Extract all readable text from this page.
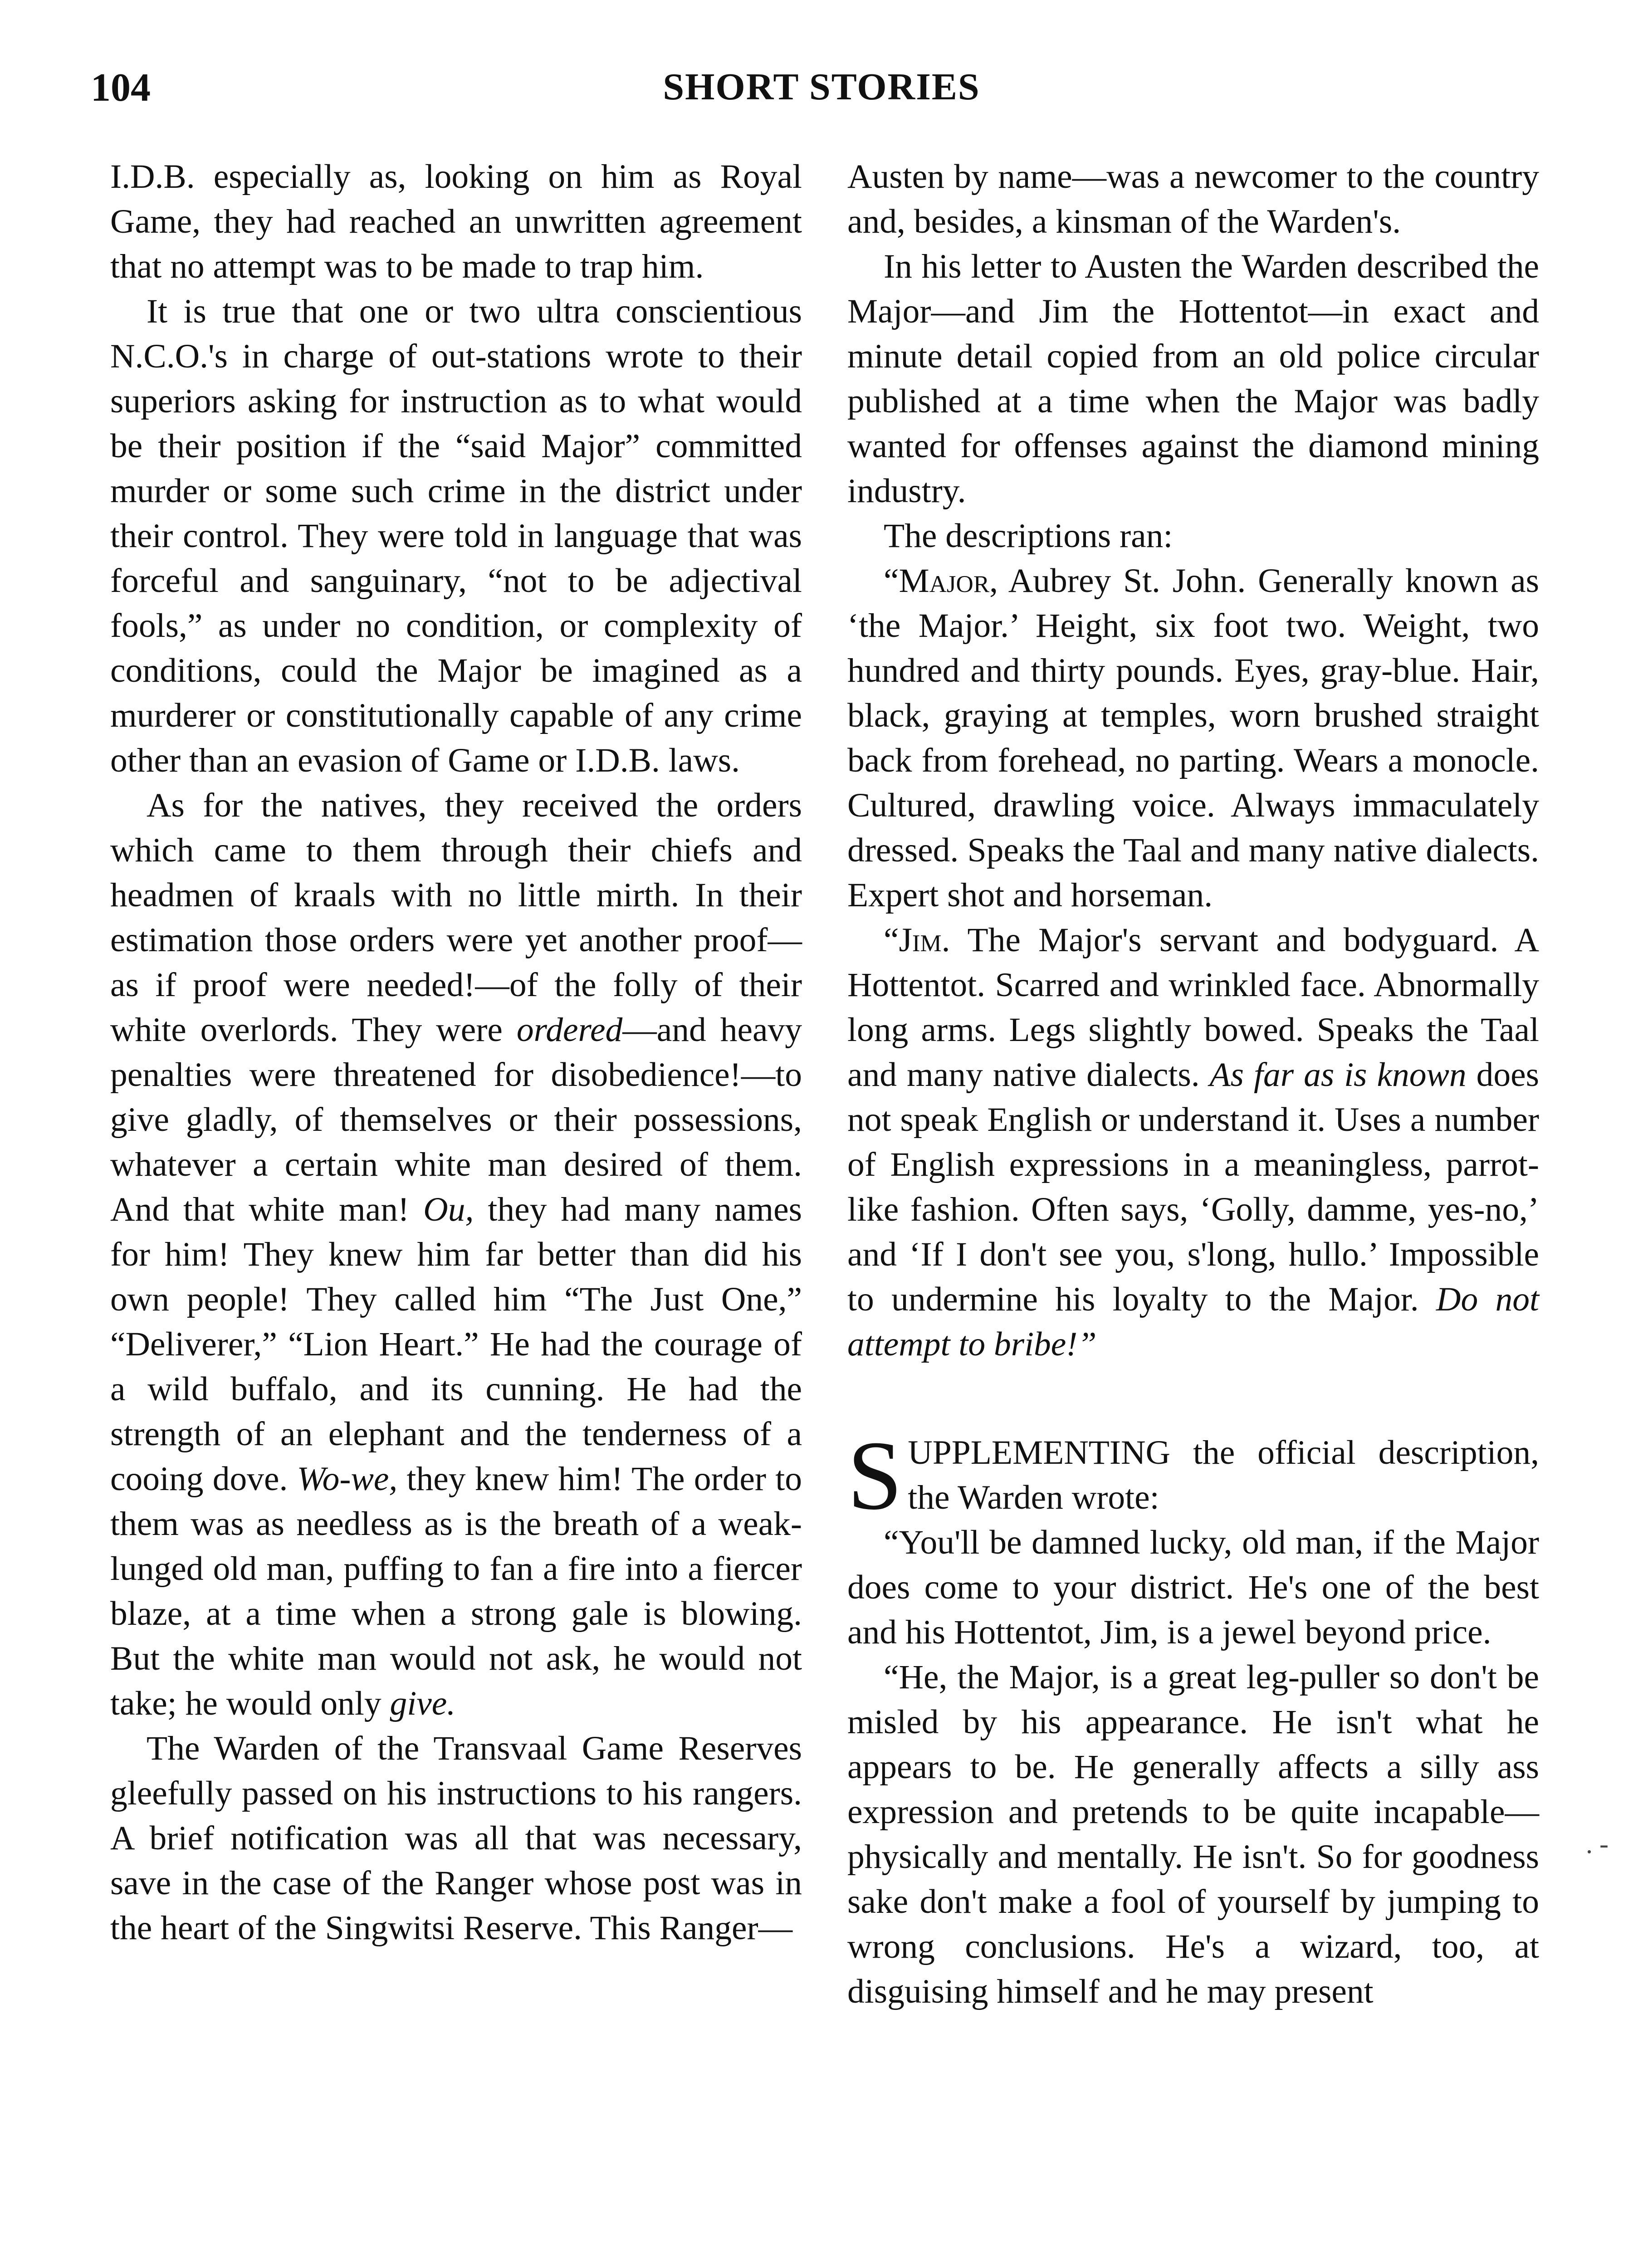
104	SHORT STORIES

I.D.B. especially as, looking on him as Royal Game, they had reached an unwritten agreement that no attempt was to be made to trap him.

It is true that one or two ultra conscientious N.C.O.'s in charge of out-stations wrote to their superiors asking for instruction as to what would be their position if the “said Major” committed murder or some such crime in the district under their control. They were told in language that was forceful and sanguinary, “not to be adjectival fools,” as under no condition, or complexity of conditions, could the Major be imagined as a murderer or constitutionally capable of any crime other than an evasion of Game or I.D.B. laws.

As for the natives, they received the orders which came to them through their chiefs and headmen of kraals with no little mirth. In their estimation those orders were yet another proof—as if proof were needed!—of the folly of their white overlords. They were ordered—and heavy penalties were threatened for disobedience!—to give gladly, of themselves or their possessions, whatever a certain white man desired of them. And that white man! Ou, they had many names for him! They knew him far better than did his own people! They called him “The Just One,” “Deliverer,” “Lion Heart.” He had the courage of a wild buffalo, and its cunning. He had the strength of an elephant and the tenderness of a cooing dove. Wo-we, they knew him! The order to them was as needless as is the breath of a weak-lunged old man, puffing to fan a fire into a fiercer blaze, at a time when a strong gale is blowing. But the white man would not ask, he would not take; he would only give.

The Warden of the Transvaal Game Reserves gleefully passed on his instructions to his rangers. A brief notification was all that was necessary, save in the case of the Ranger whose post was in the heart of the Singwitsi Reserve. This Ranger—

Austen by name—was a newcomer to the country and, besides, a kinsman of the Warden's.

In his letter to Austen the Warden described the Major—and Jim the Hottentot—in exact and minute detail copied from an old police circular published at a time when the Major was badly wanted for offenses against the diamond mining industry.

The descriptions ran:

“Major, Aubrey St. John. Generally known as ‘the Major.’ Height, six foot two. Weight, two hundred and thirty pounds. Eyes, gray-blue. Hair, black, graying at temples, worn brushed straight back from forehead, no parting. Wears a monocle. Cultured, drawling voice. Always immaculately dressed. Speaks the Taal and many native dialects. Expert shot and horseman.

“Jim. The Major's servant and bodyguard. A Hottentot. Scarred and wrinkled face. Abnormally long arms. Legs slightly bowed. Speaks the Taal and many native dialects. As far as is known does not speak English or understand it. Uses a number of English expressions in a meaningless, parrot-like fashion. Often says, ‘Golly, damme, yes-no,’ and ‘If I don't see you, s'long, hullo.’ Impossible to undermine his loyalty to the Major. Do not attempt to bribe!”

SUPPLEMENTING the official description, the Warden wrote:

“You'll be damned lucky, old man, if the Major does come to your district. He's one of the best and his Hottentot, Jim, is a jewel beyond price.

“He, the Major, is a great leg-puller so don't be misled by his appearance. He isn't what he appears to be. He generally affects a silly ass expression and pretends to be quite incapable—physically and mentally. He isn't. So for goodness sake don't make a fool of yourself by jumping to wrong conclusions. He's a wizard, too, at disguising himself and he may present

. -
